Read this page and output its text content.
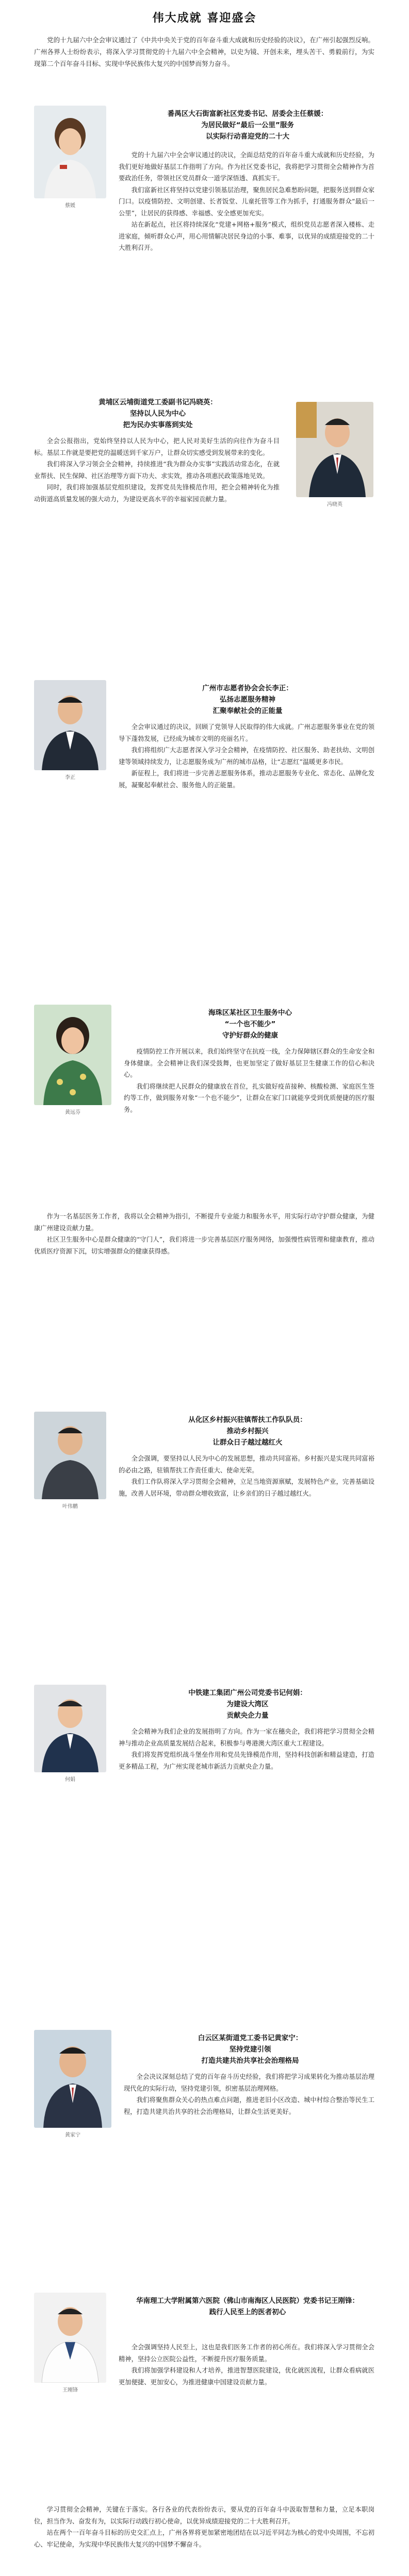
伟大成就 喜迎盛会
党的十九届六中全会审议通过了《中共中央关于党的百年奋斗重大成就和历史经验的决议》，在广州引起强烈反响。广州各界人士纷纷表示，将深入学习贯彻党的十九届六中全会精神，以史为镜、开创未来，埋头苦干、勇毅前行，为实现第二个百年奋斗目标、实现中华民族伟大复兴的中国梦而努力奋斗。
蔡媛
番禺区大石街富新社区党委书记、居委会主任蔡媛：
为居民做好“最后一公里”服务
以实际行动喜迎党的二十大

党的十九届六中全会审议通过的决议，全面总结党的百年奋斗重大成就和历史经验，为我们更好地做好基层工作指明了方向。作为社区党委书记，我将把学习贯彻全会精神作为首要政治任务，带领社区党员群众一道学深悟透、真抓实干。

我们富新社区将坚持以党建引领基层治理，聚焦居民急难愁盼问题，把服务送到群众家门口。以疫情防控、文明创建、长者饭堂、儿童托管等工作为抓手，打通服务群众“最后一公里”，让居民的获得感、幸福感、安全感更加充实。

站在新起点，社区将持续深化“党建+网格+服务”模式，组织党员志愿者深入楼栋、走进家庭，倾听群众心声，用心用情解决居民身边的小事、难事，以优异的成绩迎接党的二十大胜利召开。

黄埔区云埔街道党工委副书记冯晓英：
坚持以人民为中心
把为民办实事落到实处

全会公报指出，党始终坚持以人民为中心，把人民对美好生活的向往作为奋斗目标。基层工作就是要把党的温暖送到千家万户，让群众切实感受到发展带来的变化。

我们将深入学习领会全会精神，持续推进“我为群众办实事”实践活动常态化，在就业帮扶、民生保障、社区治理等方面下功夫、求实效，推动各项惠民政策落地见效。

同时，我们将加强基层党组织建设，发挥党员先锋模范作用，把全会精神转化为推动街道高质量发展的强大动力，为建设更高水平的幸福家园贡献力量。

冯晓英
李正
广州市志愿者协会会长李正：
弘扬志愿服务精神
汇聚奉献社会的正能量

全会审议通过的决议，回顾了党领导人民取得的伟大成就。广州志愿服务事业在党的领导下蓬勃发展，已经成为城市文明的亮丽名片。

我们将组织广大志愿者深入学习全会精神，在疫情防控、社区服务、助老扶幼、文明创建等领域持续发力，让志愿服务成为广州的城市品格，让“志愿红”温暖更多市民。

新征程上，我们将进一步完善志愿服务体系，推动志愿服务专业化、常态化、品牌化发展，凝聚起奉献社会、服务他人的正能量。

黄远芬
海珠区某社区卫生服务中心
“一个也不能少”
守护好群众的健康

疫情防控工作开展以来，我们始终坚守在抗疫一线，全力保障辖区群众的生命安全和身体健康。全会精神让我们深受鼓舞，也更加坚定了做好基层卫生健康工作的信心和决心。

我们将继续把人民群众的健康放在首位，扎实做好疫苗接种、核酸检测、家庭医生签约等工作，做到服务对象“一个也不能少”，让群众在家门口就能享受到优质便捷的医疗服务。

作为一名基层医务工作者，我将以全会精神为指引，不断提升专业能力和服务水平，用实际行动守护群众健康，为健康广州建设贡献力量。

社区卫生服务中心是群众健康的“守门人”，我们将进一步完善基层医疗服务网络，加强慢性病管理和健康教育，推动优质医疗资源下沉，切实增强群众的健康获得感。

叶伟鹏
从化区乡村振兴驻镇帮扶工作队队员：
推动乡村振兴
让群众日子越过越红火

全会强调，要坚持以人民为中心的发展思想，推动共同富裕。乡村振兴是实现共同富裕的必由之路，驻镇帮扶工作责任重大、使命光荣。

我们工作队将深入学习贯彻全会精神，立足当地资源禀赋，发展特色产业，完善基础设施，改善人居环境，带动群众增收致富，让乡亲们的日子越过越红火。

何娟
中铁建工集团广州公司党委书记何娟：
为建设大湾区
贡献央企力量

全会精神为我们企业的发展指明了方向。作为一家在穗央企，我们将把学习贯彻全会精神与推动企业高质量发展结合起来，积极参与粤港澳大湾区重大工程建设。

我们将发挥党组织战斗堡垒作用和党员先锋模范作用，坚持科技创新和精益建造，打造更多精品工程，为广州实现老城市新活力贡献央企力量。

黄家宁
白云区某街道党工委书记黄家宁：
坚持党建引领
打造共建共治共享社会治理格局

全会决议深刻总结了党的百年奋斗历史经验，我们将把学习成果转化为推动基层治理现代化的实际行动，坚持党建引领，织密基层治理网格。

我们将聚焦群众关心的热点难点问题，推进老旧小区改造、城中村综合整治等民生工程，打造共建共治共享的社会治理格局，让群众生活更美好。

王刚锋
华南理工大学附属第六医院（佛山市南海区人民医院）党委书记王刚锋：
践行人民至上的医者初心

全会强调坚持人民至上，这也是我们医务工作者的初心所在。我们将深入学习贯彻全会精神，坚持公立医院公益性，不断提升医疗服务质量。

我们将加强学科建设和人才培养，推进智慧医院建设，优化就医流程，让群众看病就医更加便捷、更加安心，为推进健康中国建设贡献力量。

学习贯彻全会精神，关键在于落实。各行各业的代表纷纷表示，要从党的百年奋斗中汲取智慧和力量，立足本职岗位，担当作为、奋发有为，以实际行动践行初心使命，以优异成绩迎接党的二十大胜利召开。

站在两个一百年奋斗目标的历史交汇点上，广州各界将更加紧密地团结在以习近平同志为核心的党中央周围，不忘初心、牢记使命，为实现中华民族伟大复兴的中国梦不懈奋斗。
